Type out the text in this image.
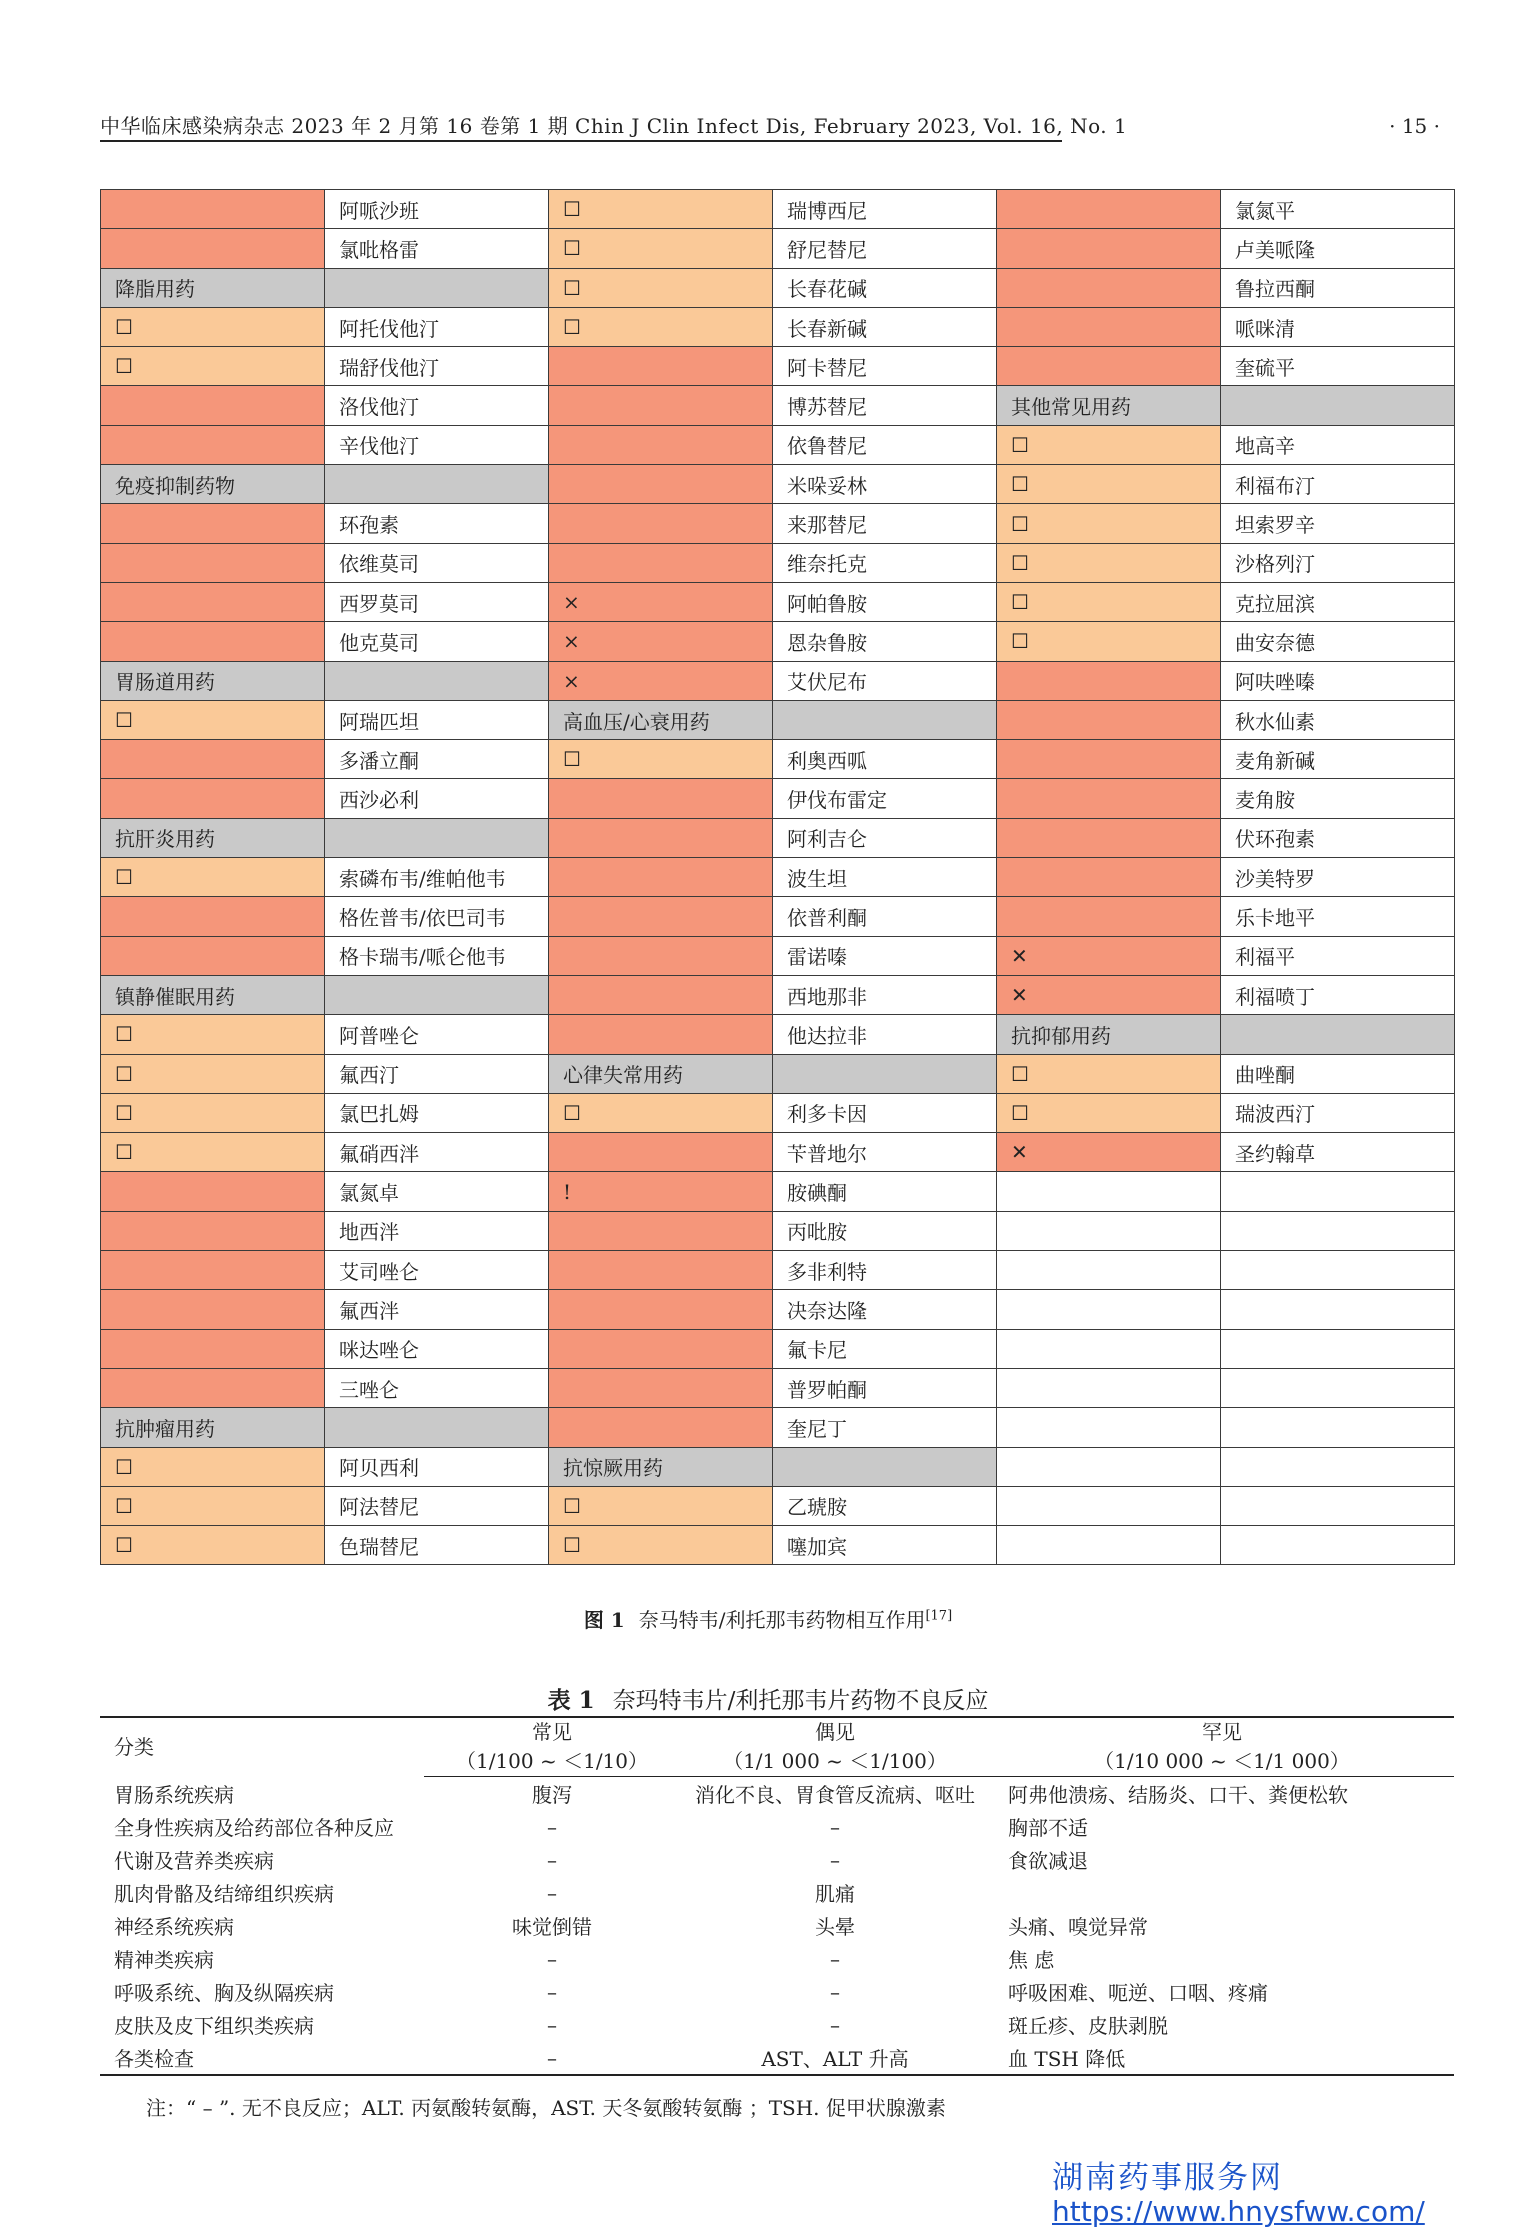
中华临床感染病杂志 2023 年 2 月第 16 卷第 1 期 Chin J Clin Infect Dis, February 2023, Vol. 16, No. 1	· 15 ·
	阿哌沙班	☐	瑞博西尼		氯氮平
	氯吡格雷	☐	舒尼替尼		卢美哌隆
降脂用药		☐	长春花碱		鲁拉西酮
☐	阿托伐他汀	☐	长春新碱		哌咪清
☐	瑞舒伐他汀		阿卡替尼		奎硫平
	洛伐他汀		博苏替尼	其他常见用药	
	辛伐他汀		依鲁替尼	☐	地高辛
免疫抑制药物			米哚妥林	☐	利福布汀
	环孢素		来那替尼	☐	坦索罗辛
	依维莫司		维奈托克	☐	沙格列汀
	西罗莫司	×	阿帕鲁胺	☐	克拉屈滨
	他克莫司	×	恩杂鲁胺	☐	曲安奈德
胃肠道用药		×	艾伏尼布		阿呋唑嗪
☐	阿瑞匹坦	高血压/心衰用药			秋水仙素
	多潘立酮	☐	利奥西呱		麦角新碱
	西沙必利		伊伐布雷定		麦角胺
抗肝炎用药			阿利吉仑		伏环孢素
☐	索磷布韦/维帕他韦		波生坦		沙美特罗
	格佐普韦/依巴司韦		依普利酮		乐卡地平
	格卡瑞韦/哌仑他韦		雷诺嗪	✕	利福平
镇静催眠用药			西地那非	✕	利福喷丁
☐	阿普唑仑		他达拉非	抗抑郁用药	
☐	氟西汀	心律失常用药		☐	曲唑酮
☐	氯巴扎姆	☐	利多卡因	☐	瑞波西汀
☐	氟硝西泮		苄普地尔	✕	圣约翰草
	氯氮卓	!	胺碘酮		
	地西泮		丙吡胺		
	艾司唑仑		多非利特		
	氟西泮		决奈达隆		
	咪达唑仑		氟卡尼		
	三唑仑		普罗帕酮		
抗肿瘤用药			奎尼丁		
☐	阿贝西利	抗惊厥用药			
☐	阿法替尼	☐	乙琥胺		
☐	色瑞替尼	☐	噻加宾		
图 1 奈马特韦/利托那韦药物相互作用[17]
表 1 奈玛特韦片/利托那韦片药物不良反应
分类	常见	偶见	罕见
	（1/100 ~ ＜1/10）	（1/1 000 ~ ＜1/100）	（1/10 000 ~ ＜1/1 000）
胃肠系统疾病	腹泻	消化不良、胃食管反流病、呕吐	阿弗他溃疡、结肠炎、口干、粪便松软
全身性疾病及给药部位各种反应	–	–	胸部不适
代谢及营养类疾病	–	–	食欲减退
肌肉骨骼及结缔组织疾病	–	肌痛	
神经系统疾病	味觉倒错	头晕	头痛、嗅觉异常
精神类疾病	–	–	焦 虑
呼吸系统、胸及纵隔疾病	–	–	呼吸困难、呃逆、口咽、疼痛
皮肤及皮下组织类疾病	–	–	斑丘疹、皮肤剥脱
各类检查	–	AST、ALT 升高	血 TSH 降低
注：“ – ”. 无不良反应；ALT. 丙氨酸转氨酶，AST. 天冬氨酸转氨酶 ；TSH. 促甲状腺激素
湖南药事服务网
https://www.hnysfww.com/
